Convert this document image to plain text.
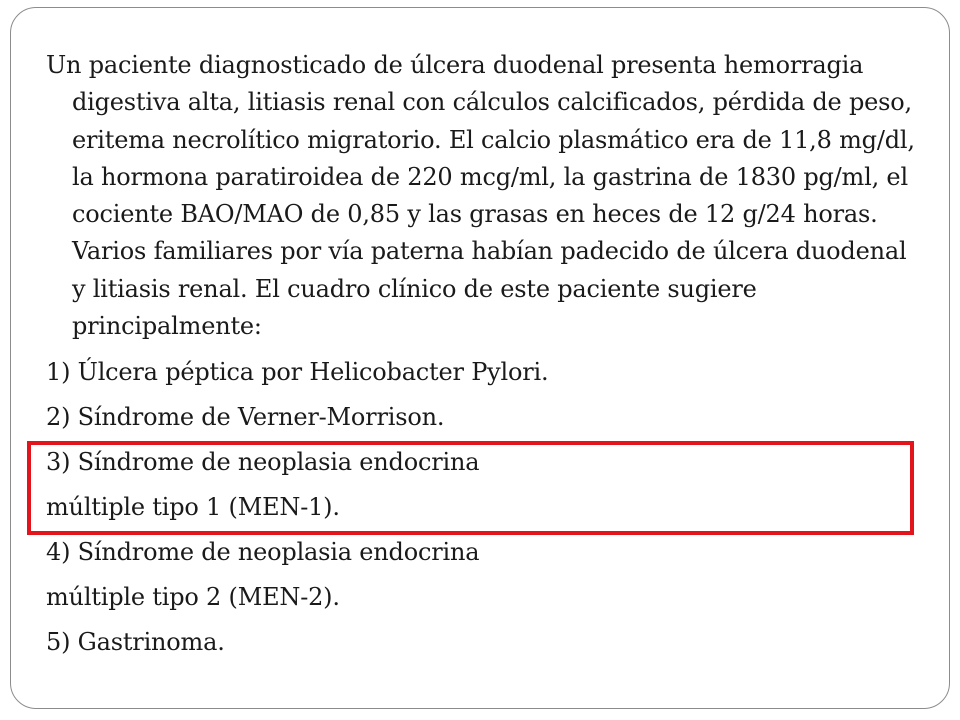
Un paciente diagnosticado de úlcera duodenal presenta hemorragia digestiva alta, litiasis renal con cálculos calcificados, pérdida de peso, eritema necrolítico migratorio. El calcio plasmático era de 11,8 mg/dl, la hormona paratiroidea de 220 mcg/ml, la gastrina de 1830 pg/ml, el cociente BAO/MAO de 0,85 y las grasas en heces de 12 g/24 horas. Varios familiares por vía paterna habían padecido de úlcera duodenal y litiasis renal. El cuadro clínico de este paciente sugiere principalmente:

1) Úlcera péptica por Helicobacter Pylori.

2) Síndrome de Verner-Morrison.

3) Síndrome de neoplasia endocrina

múltiple tipo 1 (MEN-1).

4) Síndrome de neoplasia endocrina

múltiple tipo 2 (MEN-2).

5) Gastrinoma.
